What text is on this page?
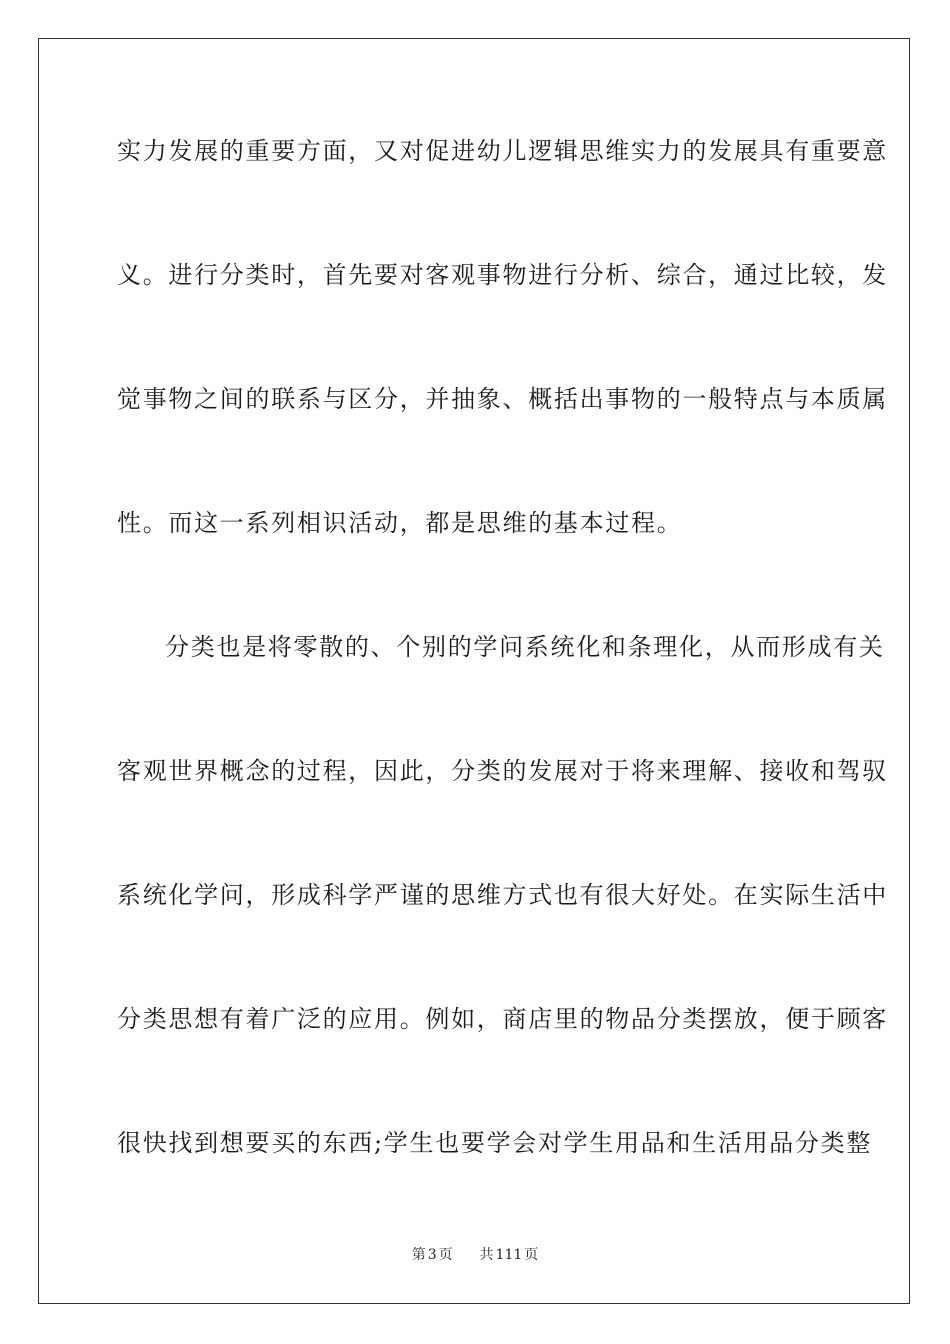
实力发展的重要方面，又对促进幼儿逻辑思维实力的发展具有重要意
义。进行分类时，首先要对客观事物进行分析、综合，通过比较，发
觉事物之间的联系与区分，并抽象、概括出事物的一般特点与本质属
性。而这一系列相识活动，都是思维的基本过程。
分类也是将零散的、个别的学问系统化和条理化，从而形成有关
客观世界概念的过程，因此，分类的发展对于将来理解、接收和驾驭
系统化学问，形成科学严谨的思维方式也有很大好处。在实际生活中
分类思想有着广泛的应用。例如，商店里的物品分类摆放，便于顾客
很快找到想要买的东西;学生也要学会对学生用品和生活用品分类整
第 3 页 共 111 页
